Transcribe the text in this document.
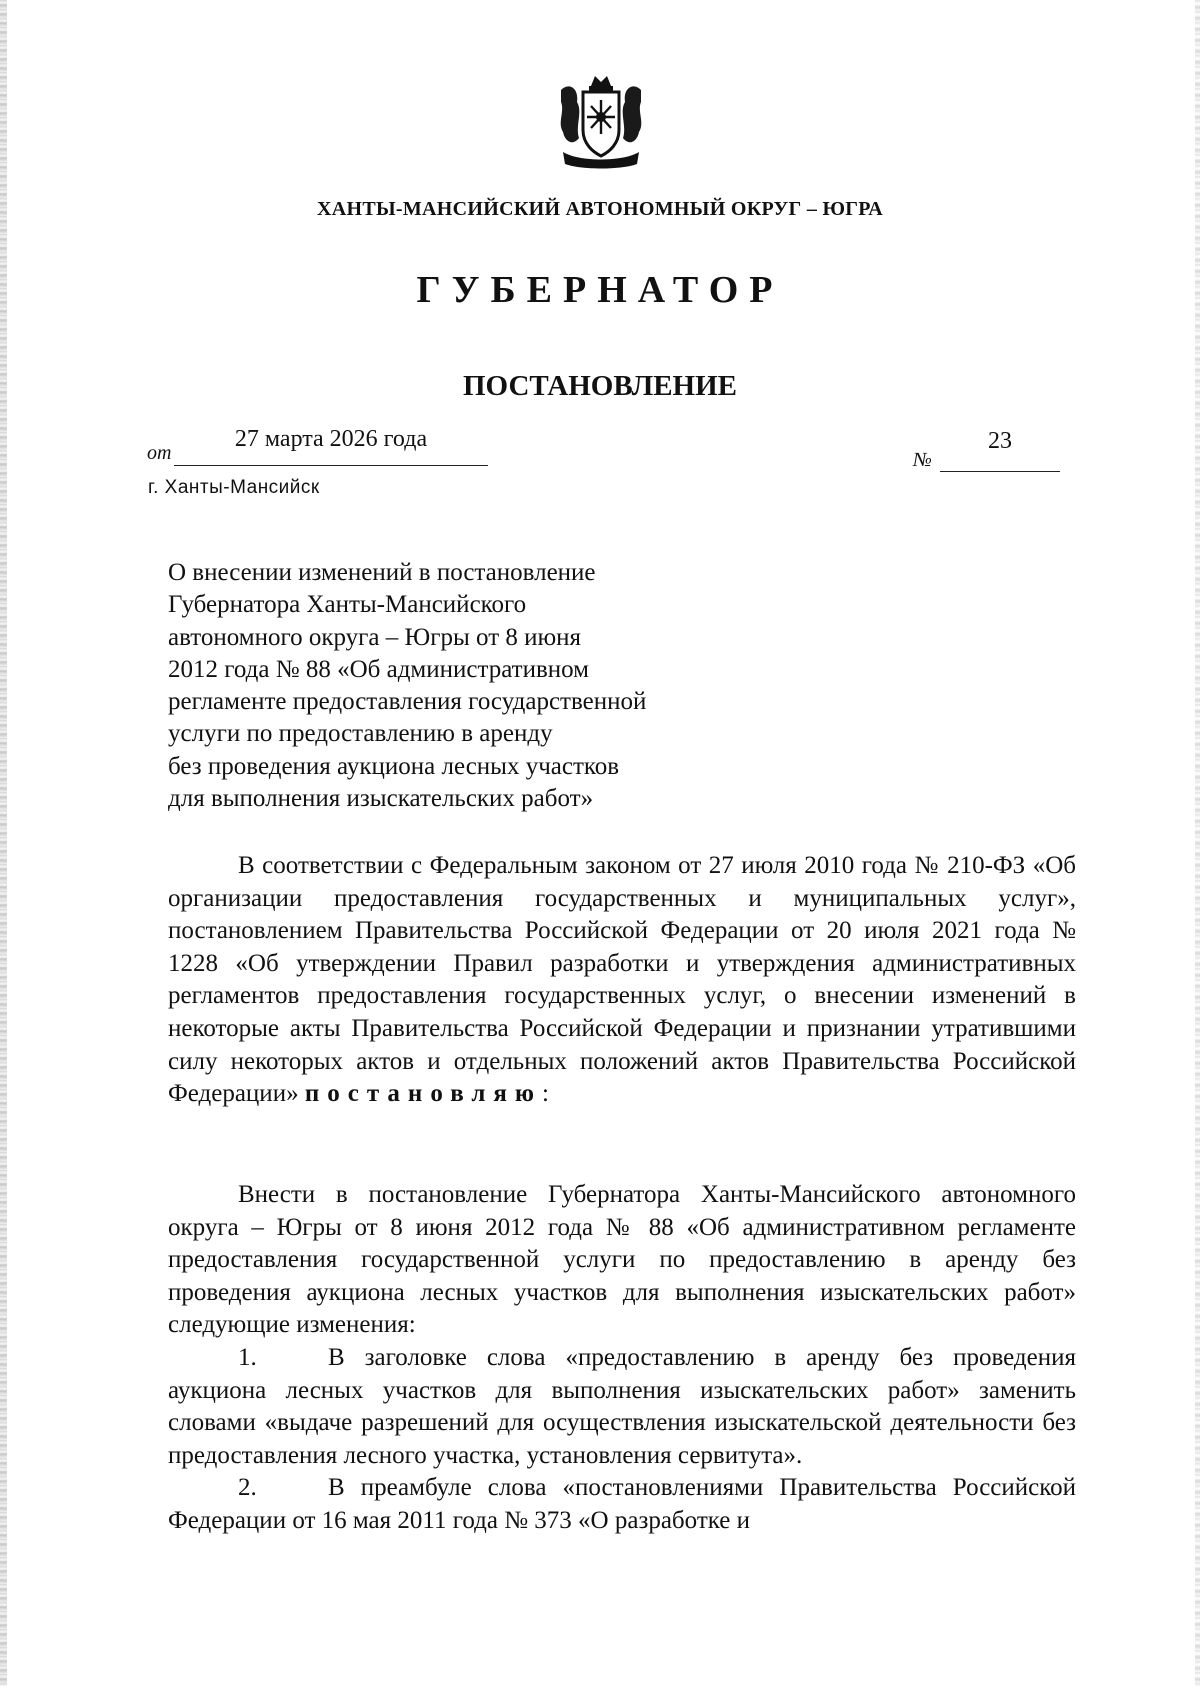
ХАНТЫ-МАНСИЙСКИЙ АВТОНОМНЫЙ ОКРУГ – ЮГРА
ГУБЕРНАТОР
ПОСТАНОВЛЕНИЕ
от
27 марта 2026 года
№
23
г. Ханты-Мансийск
О внесении изменений в постановление
Губернатора Ханты-Мансийского
автономного округа – Югры от 8 июня
2012 года № 88 «Об административном
регламенте предоставления государственной
услуги по предоставлению в аренду
без проведения аукциона лесных участков
для выполнения изыскательских работ»

В соответствии с Федеральным законом от 27 июля 2010 года № 210-ФЗ «Об организации предоставления государственных и муниципальных услуг», постановлением Правительства Российской Федерации от 20 июля 2021 года № 1228 «Об утверждении Правил разработки и утверждения административных регламентов предоставления государственных услуг, о внесении изменений в некоторые акты Правительства Российской Федерации и признании утратившими силу некоторых актов и отдельных положений актов Правительства Российской Федерации» постановляю:

Внести в постановление Губернатора Ханты-Мансийского автономного округа – Югры от 8 июня 2012 года № 88 «Об административном регламенте предоставления государственной услуги по предоставлению в аренду без проведения аукциона лесных участков для выполнения изыскательских работ» следующие изменения:

1.	В заголовке слова «предоставлению в аренду без проведения аукциона лесных участков для выполнения изыскательских работ» заменить словами «выдаче разрешений для осуществления изыскательской деятельности без предоставления лесного участка, установления сервитута».

2.	В преамбуле слова «постановлениями Правительства Российской Федерации от 16 мая 2011 года № 373 «О разработке и
